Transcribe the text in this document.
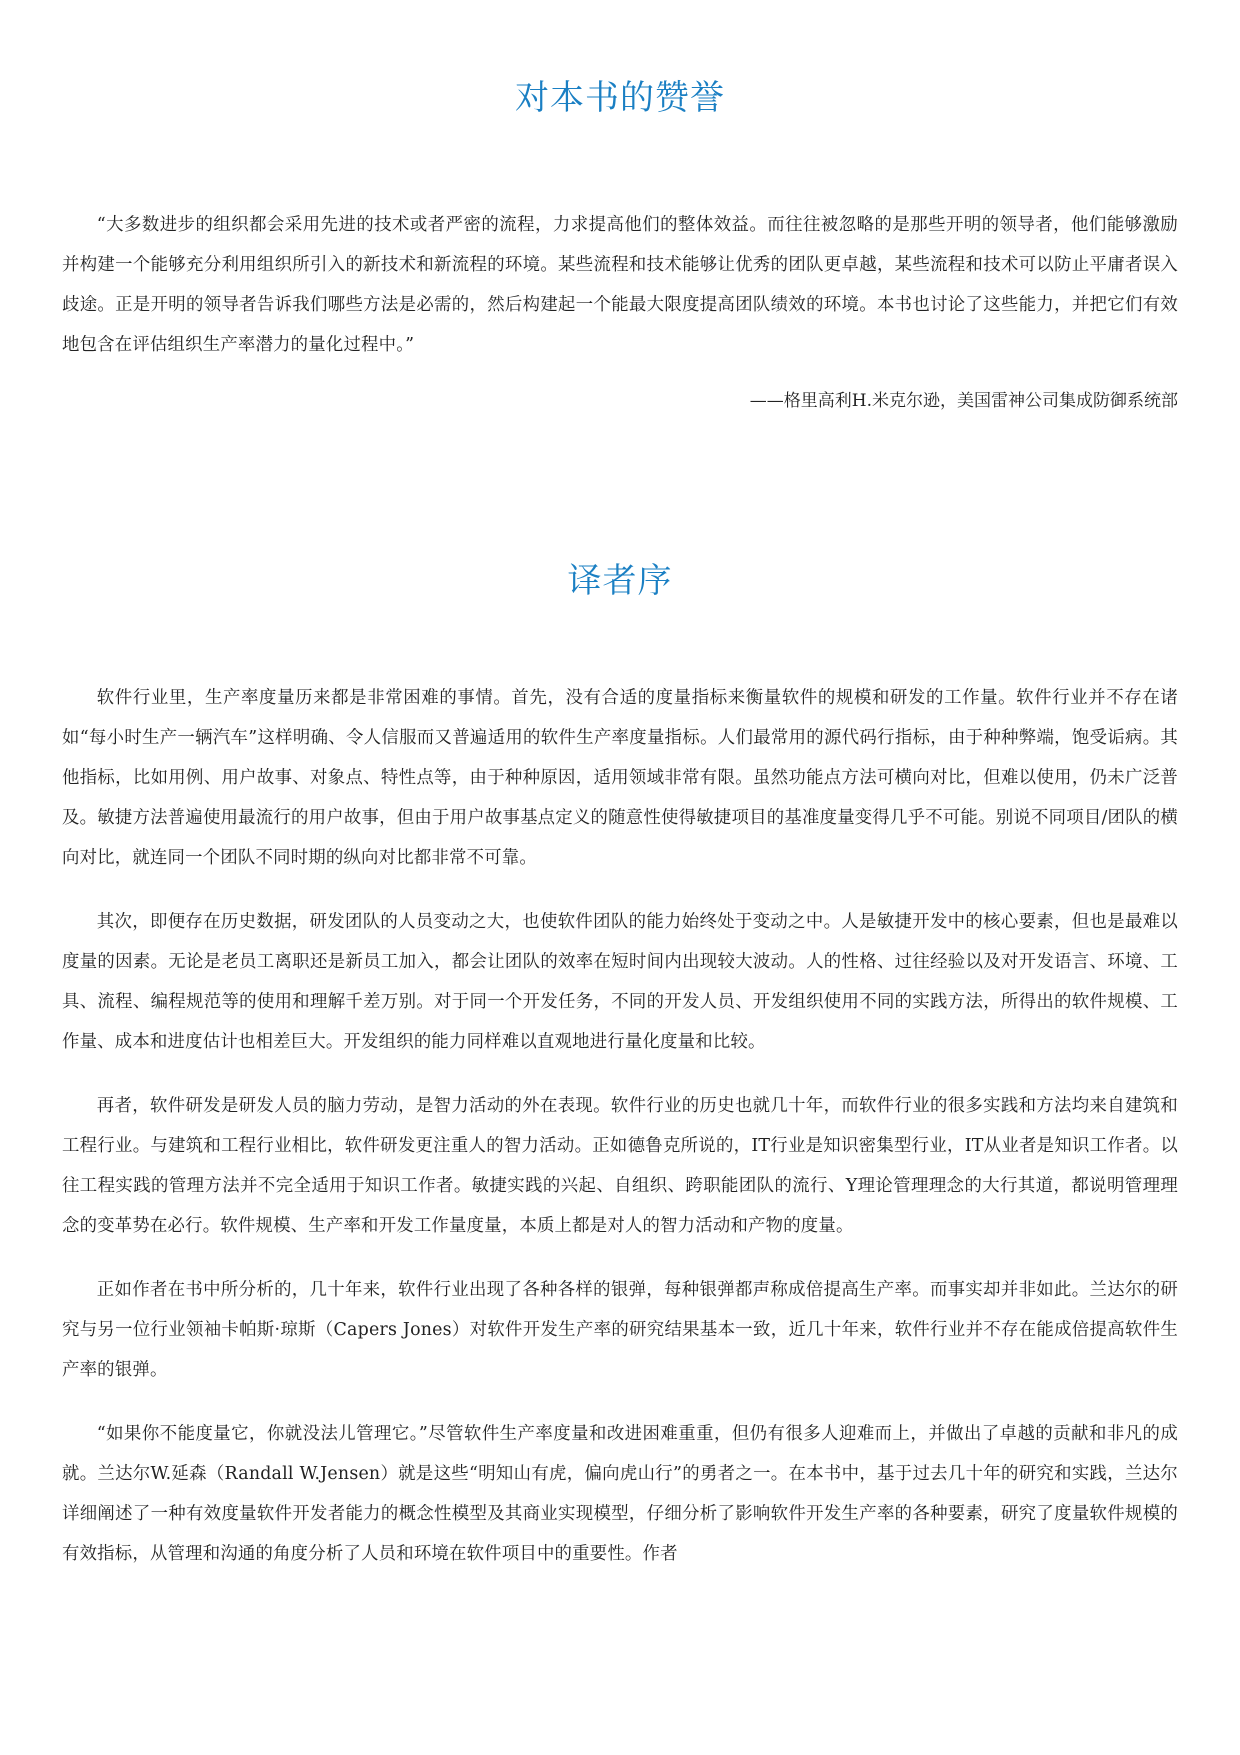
对本书的赞誉

“大多数进步的组织都会采用先进的技术或者严密的流程，力求提高他们的整体效益。而往往被忽略的是那些开明的领导者，他们能够激励并构建一个能够充分利用组织所引入的新技术和新流程的环境。某些流程和技术能够让优秀的团队更卓越，某些流程和技术可以防止平庸者误入歧途。正是开明的领导者告诉我们哪些方法是必需的，然后构建起一个能最大限度提高团队绩效的环境。本书也讨论了这些能力，并把它们有效地包含在评估组织生产率潜力的量化过程中。”

——格里高利H.米克尔逊，美国雷神公司集成防御系统部
译者序

软件行业里，生产率度量历来都是非常困难的事情。首先，没有合适的度量指标来衡量软件的规模和研发的工作量。软件行业并不存在诸如“每小时生产一辆汽车”这样明确、令人信服而又普遍适用的软件生产率度量指标。人们最常用的源代码行指标，由于种种弊端，饱受诟病。其他指标，比如用例、用户故事、对象点、特性点等，由于种种原因，适用领域非常有限。虽然功能点方法可横向对比，但难以使用，仍未广泛普及。敏捷方法普遍使用最流行的用户故事，但由于用户故事基点定义的随意性使得敏捷项目的基准度量变得几乎不可能。别说不同项目/团队的横向对比，就连同一个团队不同时期的纵向对比都非常不可靠。

其次，即便存在历史数据，研发团队的人员变动之大，也使软件团队的能力始终处于变动之中。人是敏捷开发中的核心要素，但也是最难以度量的因素。无论是老员工离职还是新员工加入，都会让团队的效率在短时间内出现较大波动。人的性格、过往经验以及对开发语言、环境、工具、流程、编程规范等的使用和理解千差万别。对于同一个开发任务，不同的开发人员、开发组织使用不同的实践方法，所得出的软件规模、工作量、成本和进度估计也相差巨大。开发组织的能力同样难以直观地进行量化度量和比较。

再者，软件研发是研发人员的脑力劳动，是智力活动的外在表现。软件行业的历史也就几十年，而软件行业的很多实践和方法均来自建筑和工程行业。与建筑和工程行业相比，软件研发更注重人的智力活动。正如德鲁克所说的，IT行业是知识密集型行业，IT从业者是知识工作者。以往工程实践的管理方法并不完全适用于知识工作者。敏捷实践的兴起、自组织、跨职能团队的流行、Y理论管理理念的大行其道，都说明管理理念的变革势在必行。软件规模、生产率和开发工作量度量，本质上都是对人的智力活动和产物的度量。

正如作者在书中所分析的，几十年来，软件行业出现了各种各样的银弹，每种银弹都声称成倍提高生产率。而事实却并非如此。兰达尔的研究与另一位行业领袖卡帕斯·琼斯（Capers Jones）对软件开发生产率的研究结果基本一致，近几十年来，软件行业并不存在能成倍提高软件生产率的银弹。

“如果你不能度量它，你就没法儿管理它。”尽管软件生产率度量和改进困难重重，但仍有很多人迎难而上，并做出了卓越的贡献和非凡的成就。兰达尔W.延森（Randall W.Jensen）就是这些“明知山有虎，偏向虎山行”的勇者之一。在本书中，基于过去几十年的研究和实践，兰达尔详细阐述了一种有效度量软件开发者能力的概念性模型及其商业实现模型，仔细分析了影响软件开发生产率的各种要素，研究了度量软件规模的有效指标，从管理和沟通的角度分析了人员和环境在软件项目中的重要性。作者
